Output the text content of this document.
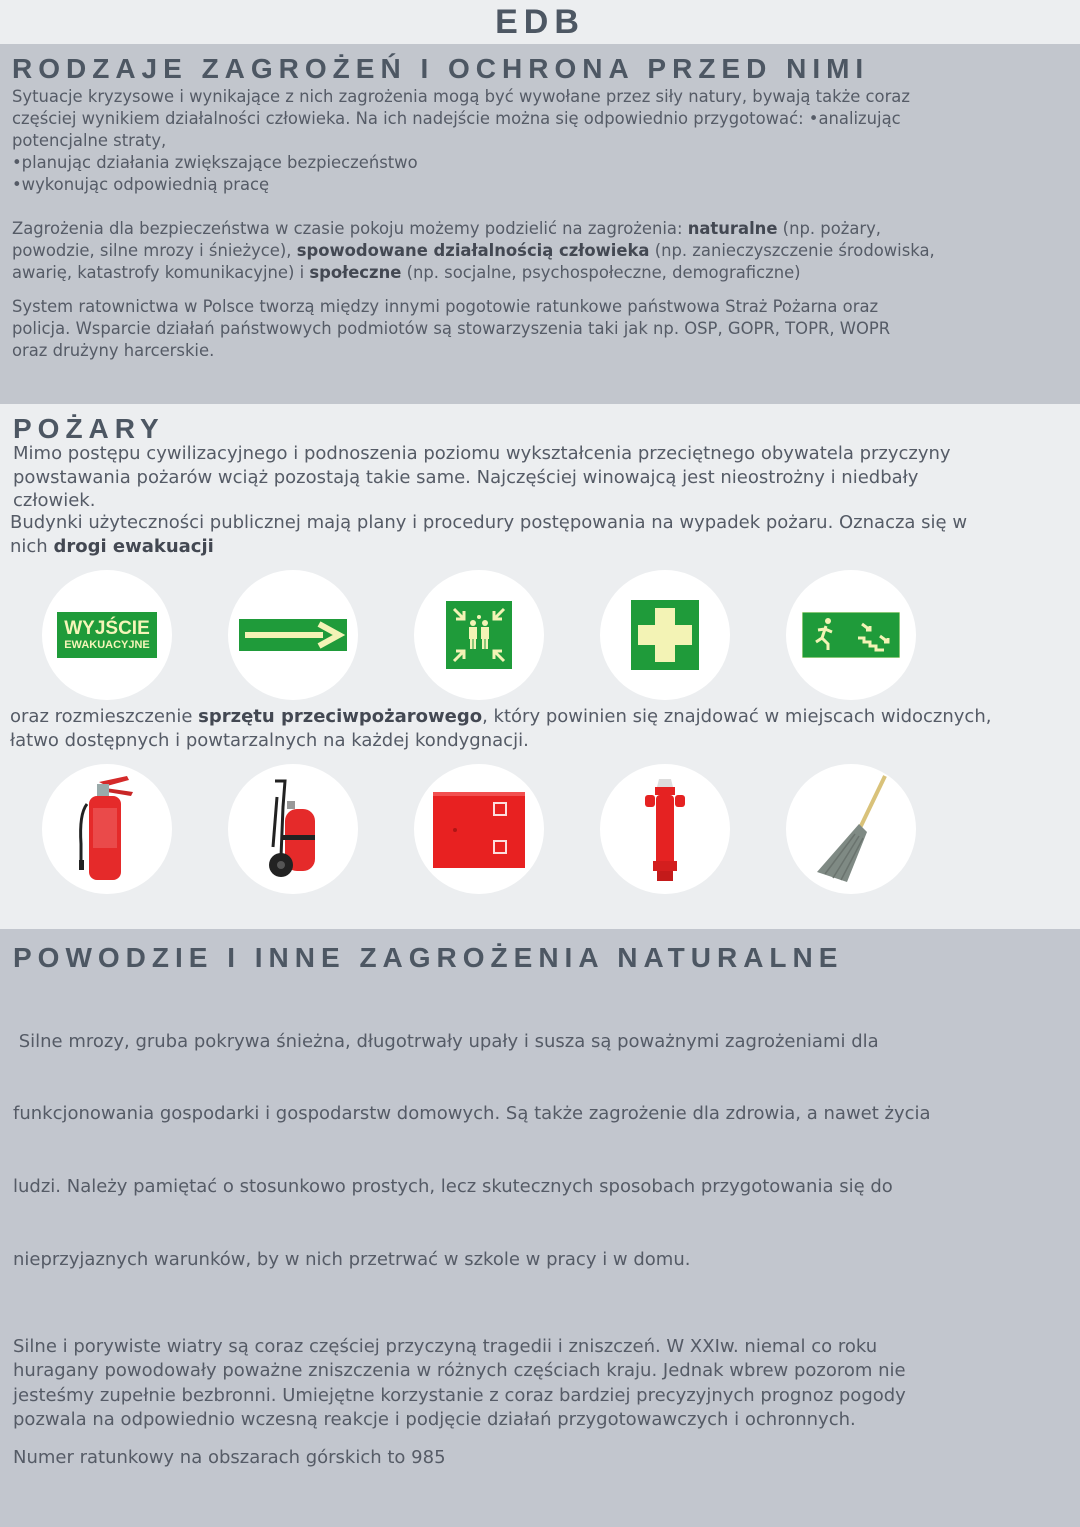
EDB
RODZAJE ZAGROŻEŃ I OCHRONA PRZED NIMI
Sytuacje kryzysowe i wynikające z nich zagrożenia mogą być wywołane przez siły natury, bywają także coraz
częściej wynikiem działalności człowieka. Na ich nadejście można się odpowiednio przygotować: •analizując
potencjalne straty,
•planując działania zwiększające bezpieczeństwo
•wykonując odpowiednią pracę
Zagrożenia dla bezpieczeństwa w czasie pokoju możemy podzielić na zagrożenia: naturalne (np. pożary,
powodzie, silne mrozy i śnieżyce), spowodowane działalnością człowieka (np. zanieczyszczenie środowiska,
awarię, katastrofy komunikacyjne) i społeczne (np. socjalne, psychospołeczne, demograficzne)
System ratownictwa w Polsce tworzą między innymi pogotowie ratunkowe państwowa Straż Pożarna oraz
policja. Wsparcie działań państwowych podmiotów są stowarzyszenia taki jak np. OSP, GOPR, TOPR, WOPR
oraz drużyny harcerskie.
POŻARY
Mimo postępu cywilizacyjnego i podnoszenia poziomu wykształcenia przeciętnego obywatela przyczyny
powstawania pożarów wciąż pozostają takie same. Najczęściej winowajcą jest nieostrożny i niedbały
człowiek.
Budynki użyteczności publicznej mają plany i procedury postępowania na wypadek pożaru. Oznacza się w
nich drogi ewakuacji
WYJŚCIE
EWAKUACYJNE
oraz rozmieszczenie sprzętu przeciwpożarowego, który powinien się znajdować w miejscach widocznych,
łatwo dostępnych i powtarzalnych na każdej kondygnacji.
POWODZIE I INNE ZAGROŻENIA NATURALNE

Silne mrozy, gruba pokrywa śnieżna, długotrwały upały i susza są poważnymi zagrożeniami dla

funkcjonowania gospodarki i gospodarstw domowych. Są także zagrożenie dla zdrowia, a nawet życia

ludzi. Należy pamiętać o stosunkowo prostych, lecz skutecznych sposobach przygotowania się do

nieprzyjaznych warunków, by w nich przetrwać w szkole w pracy i w domu.

Silne i porywiste wiatry są coraz częściej przyczyną tragedii i zniszczeń. W XXIw. niemal co roku
huragany powodowały poważne zniszczenia w różnych częściach kraju. Jednak wbrew pozorom nie
jesteśmy zupełnie bezbronni. Umiejętne korzystanie z coraz bardziej precyzyjnych prognoz pogody
pozwala na odpowiednio wczesną reakcje i podjęcie działań przygotowawczych i ochronnych.
Numer ratunkowy na obszarach górskich to 985
